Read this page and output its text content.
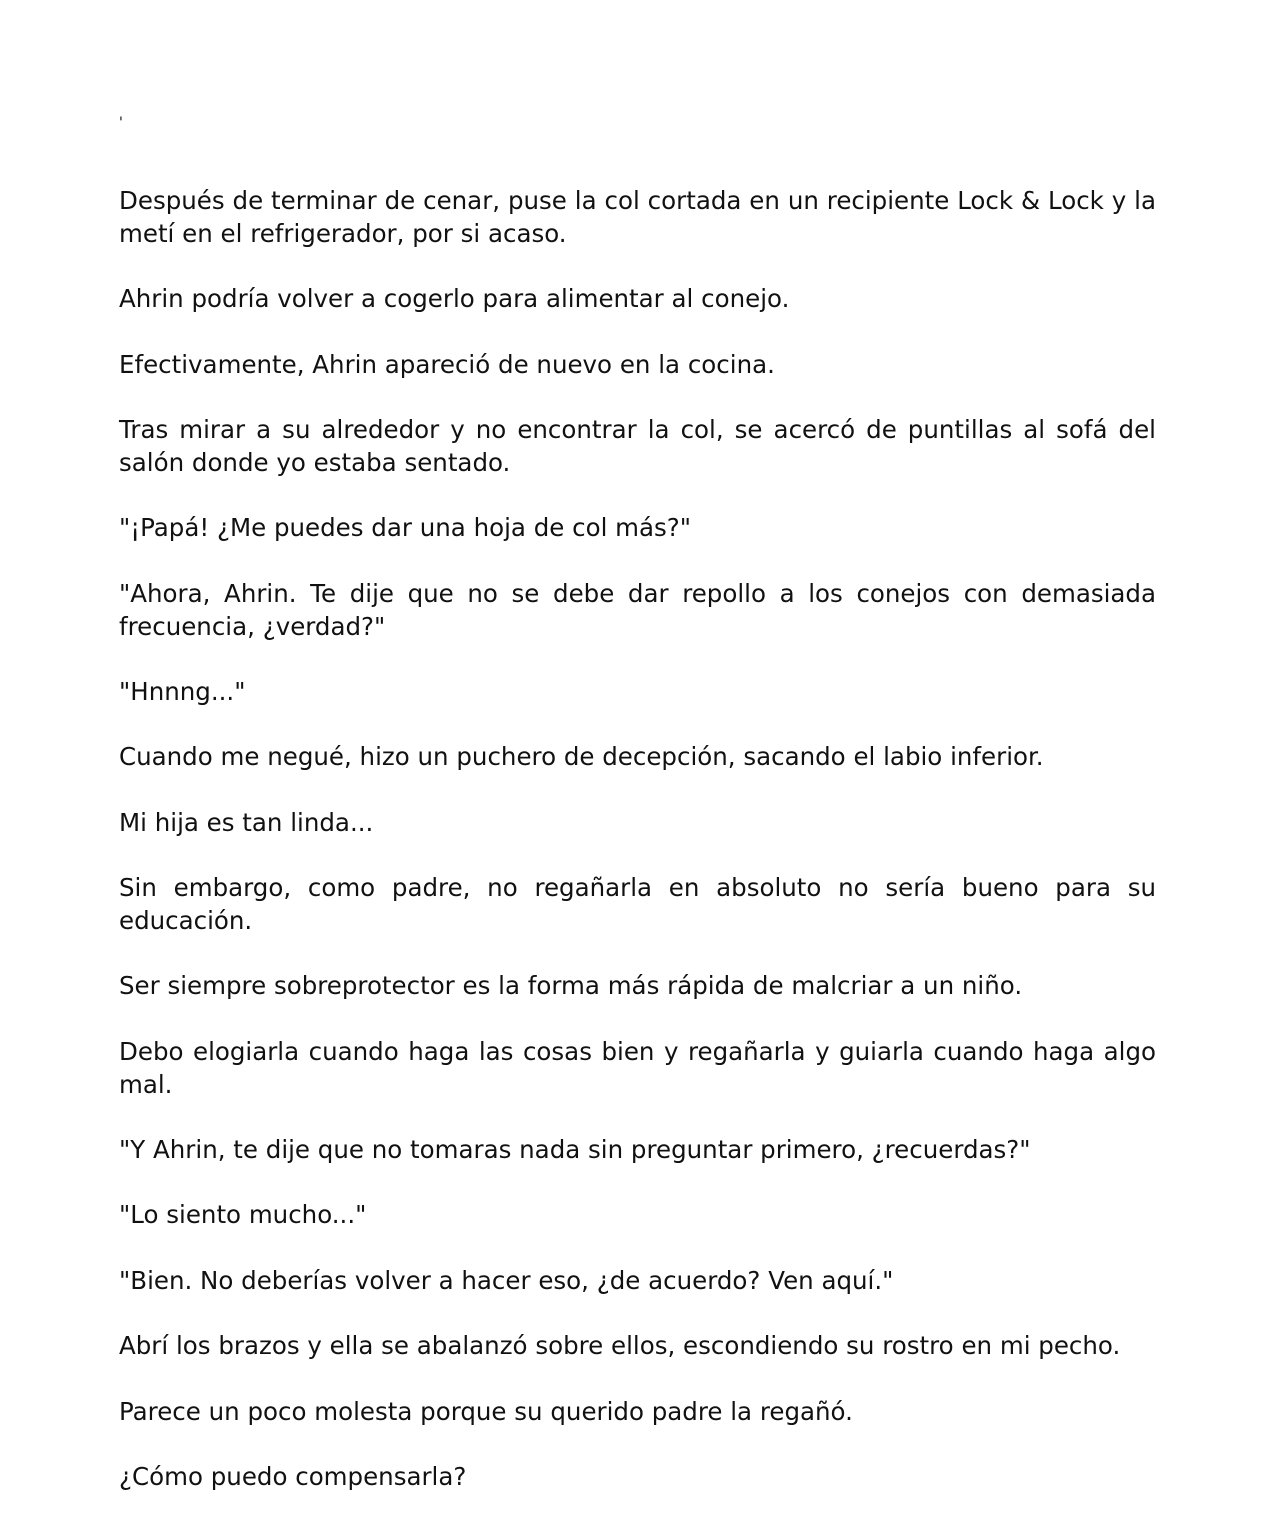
'

Después de terminar de cenar, puse la col cortada en un recipiente Lock & Lock y la metí en el refrigerador, por si acaso.

Ahrin podría volver a cogerlo para alimentar al conejo.

Efectivamente, Ahrin apareció de nuevo en la cocina.

Tras mirar a su alrededor y no encontrar la col, se acercó de puntillas al sofá del salón donde yo estaba sentado.

"¡Papá! ¿Me puedes dar una hoja de col más?"

"Ahora, Ahrin. Te dije que no se debe dar repollo a los conejos con demasiada frecuencia, ¿verdad?"

"Hnnng..."

Cuando me negué, hizo un puchero de decepción, sacando el labio inferior.

Mi hija es tan linda...

Sin embargo, como padre, no regañarla en absoluto no sería bueno para su educación.

Ser siempre sobreprotector es la forma más rápida de malcriar a un niño.

Debo elogiarla cuando haga las cosas bien y regañarla y guiarla cuando haga algo mal.

"Y Ahrin, te dije que no tomaras nada sin preguntar primero, ¿recuerdas?"

"Lo siento mucho..."

"Bien. No deberías volver a hacer eso, ¿de acuerdo? Ven aquí."

Abrí los brazos y ella se abalanzó sobre ellos, escondiendo su rostro en mi pecho.

Parece un poco molesta porque su querido padre la regañó.

¿Cómo puedo compensarla?
